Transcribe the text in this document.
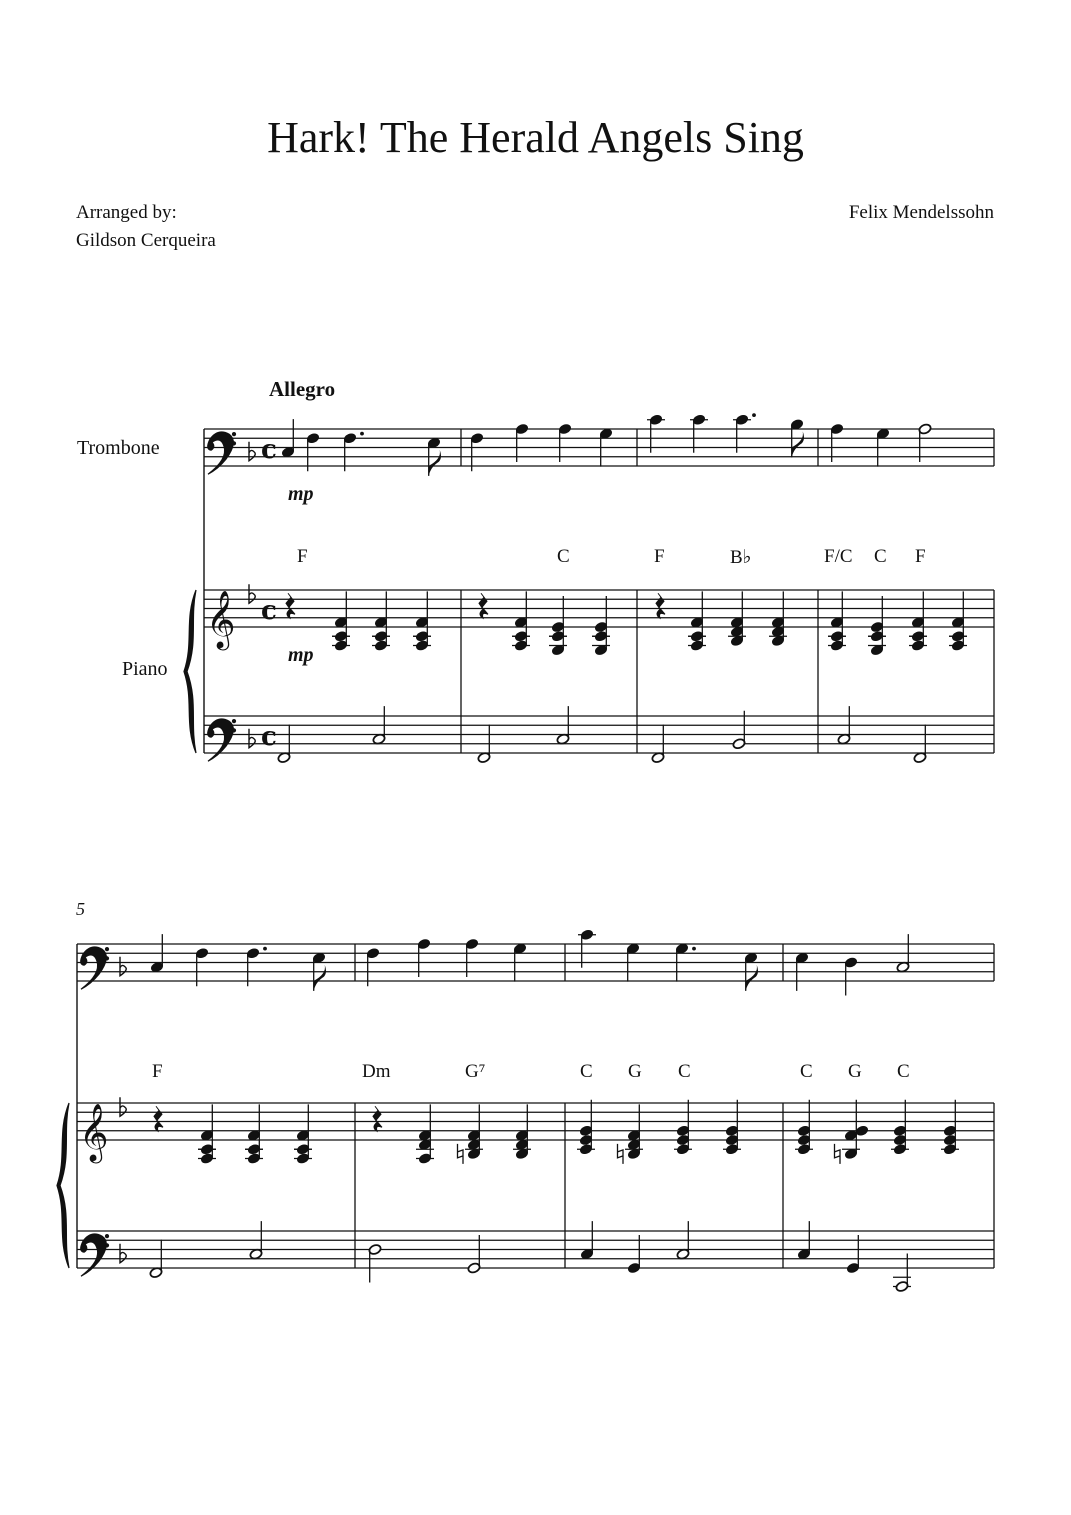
Hark! The Herald Angels Sing
Arranged by:
Gildson Cerqueira
Felix Mendelssohn
Allegro
Trombone
Piano
5
mp
mp
F	C	F	B♭	F/C C F
F	Dm	G⁷	C G C	C G C
c
𝄞 c
c
𝄞
